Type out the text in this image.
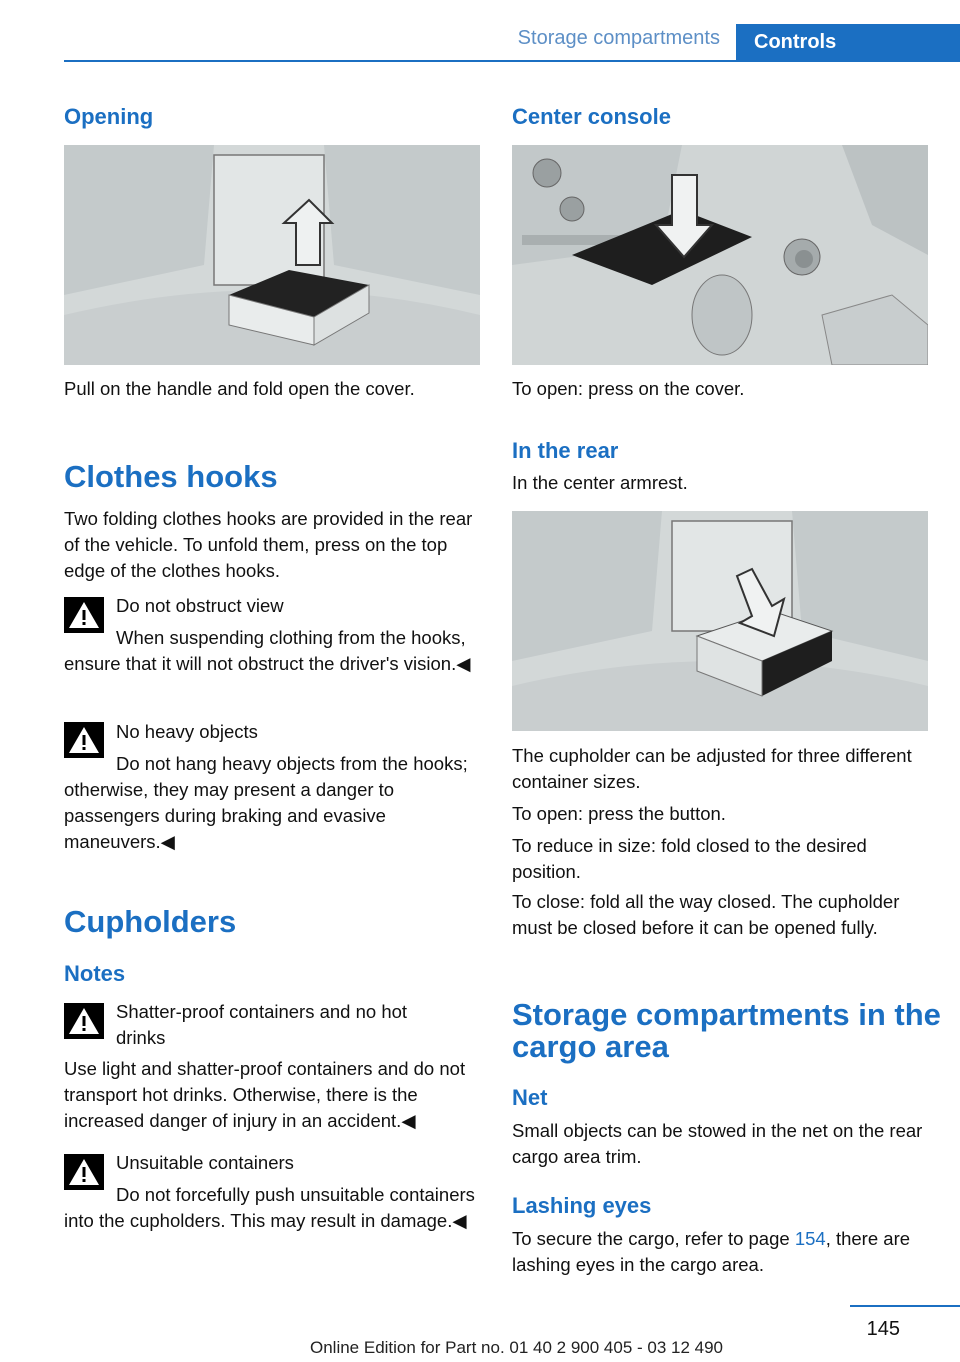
Storage compartments Controls
Opening
Pull on the handle and fold open the cover.
Clothes hooks
Two folding clothes hooks are provided in the rear of the vehicle. To unfold them, press on the top edge of the clothes hooks.
Do not obstruct view
When suspending clothing from the hooks, ensure that it will not obstruct the driver's vision.◀
No heavy objects
Do not hang heavy objects from the hooks; otherwise, they may present a danger to passengers during braking and evasive maneuvers.◀
Cupholders
Notes
Shatter-proof containers and no hot drinks
Use light and shatter-proof containers and do not transport hot drinks. Otherwise, there is the increased danger of injury in an accident.◀
Unsuitable containers
Do not forcefully push unsuitable containers into the cupholders. This may result in damage.◀
Center console
To open: press on the cover.
In the rear
In the center armrest.
The cupholder can be adjusted for three different container sizes.
To open: press the button.
To reduce in size: fold closed to the desired position.
To close: fold all the way closed. The cupholder must be closed before it can be opened fully.
Storage compartments in the cargo area
Net
Small objects can be stowed in the net on the rear cargo area trim.
Lashing eyes
To secure the cargo, refer to page 154, there are lashing eyes in the cargo area.
145
Online Edition for Part no. 01 40 2 900 405 - 03 12 490
